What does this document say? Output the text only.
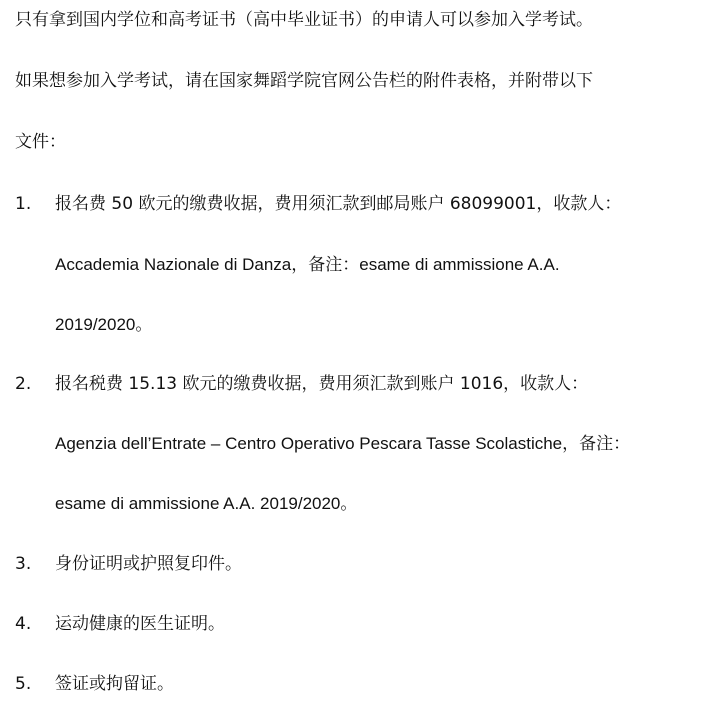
只有拿到国内学位和高考证书（高中毕业证书）的申请人可以参加入学考试。
如果想参加入学考试，请在国家舞蹈学院官网公告栏的附件表格，并附带以下
文件：
1. 报名费 50 欧元的缴费收据，费用须汇款到邮局账户 68099001，收款人：
Accademia Nazionale di Danza，备注：esame di ammissione A.A.
2019/2020。
2. 报名税费 15.13 欧元的缴费收据，费用须汇款到账户 1016，收款人：
Agenzia dell’Entrate – Centro Operativo Pescara Tasse Scolastiche，备注：
esame di ammissione A.A. 2019/2020。
3. 身份证明或护照复印件。
4. 运动健康的医生证明。
5. 签证或拘留证。
